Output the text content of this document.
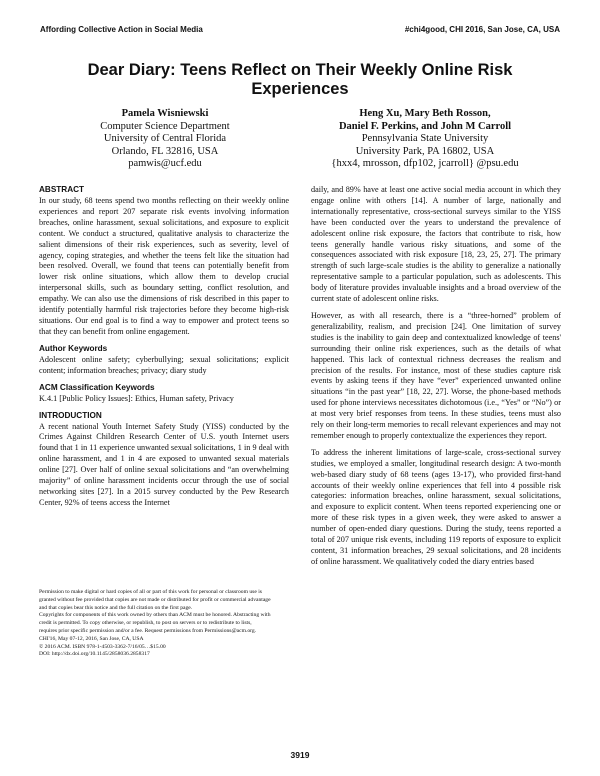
Affording Collective Action in Social Media	#chi4good, CHI 2016, San Jose, CA, USA
Dear Diary: Teens Reflect on Their Weekly Online Risk Experiences
Pamela Wisniewski
Computer Science Department
University of Central Florida
Orlando, FL 32816, USA
pamwis@ucf.edu
Heng Xu, Mary Beth Rosson,
Daniel F. Perkins, and John M Carroll
Pennsylvania State University
University Park, PA 16802, USA
{hxx4, mrosson, dfp102, jcarroll} @psu.edu
ABSTRACT

In our study, 68 teens spend two months reflecting on their weekly online experiences and report 207 separate risk events involving information breaches, online harassment, sexual solicitations, and exposure to explicit content. We conduct a structured, qualitative analysis to characterize the salient dimensions of their risk experiences, such as severity, level of agency, coping strategies, and whether the teens felt like the situation had been resolved. Overall, we found that teens can potentially benefit from lower risk online situations, which allow them to develop crucial interpersonal skills, such as boundary setting, conflict resolution, and empathy. We can also use the dimensions of risk described in this paper to identify potentially harmful risk trajectories before they become high-risk situations. Our end goal is to find a way to empower and protect teens so that they can benefit from online engagement.

Author Keywords

Adolescent online safety; cyberbullying; sexual solicitations; explicit content; information breaches; privacy; diary study

ACM Classification Keywords

K.4.1 [Public Policy Issues]: Ethics, Human safety, Privacy

INTRODUCTION

A recent national Youth Internet Safety Study (YISS) conducted by the Crimes Against Children Research Center of U.S. youth Internet users found that 1 in 11 experience unwanted sexual solicitations, 1 in 9 deal with online harassment, and 1 in 4 are exposed to unwanted sexual materials online [27]. Over half of online sexual solicitations and “an overwhelming majority” of online harassment incidents occur through the use of social networking sites [27]. In a 2015 survey conducted by the Pew Research Center, 92% of teens access the Internet

Permission to make digital or hard copies of all or part of this work for personal or classroom use is granted without fee provided that copies are not made or distributed for profit or commercial advantage and that copies bear this notice and the full citation on the first page.

Copyrights for components of this work owned by others than ACM must be honored. Abstracting with credit is permitted. To copy otherwise, or republish, to post on servers or to redistribute to lists, requires prior specific permission and/or a fee. Request permissions from Permissions@acm.org.

CHI'16, May 07-12, 2016, San Jose, CA, USA

© 2016 ACM. ISBN 978-1-4503-3362-7/16/05…$15.00

DOI: http://dx.doi.org/10.1145/2858036.2858317

daily, and 89% have at least one active social media account in which they engage online with others [14]. A number of large, nationally and internationally representative, cross-sectional surveys similar to the YISS have been conducted over the years to understand the prevalence of adolescent online risk exposure, the factors that contribute to risk, how teens generally handle various risky situations, and some of the consequences associated with risk exposure [18, 23, 25, 27]. The primary strength of such large-scale studies is the ability to generalize a nationally representative sample to a particular population, such as adolescents. This body of literature provides invaluable insights and a broad overview of the current state of adolescent online risks.

However, as with all research, there is a “three-horned” problem of generalizability, realism, and precision [24]. One limitation of survey studies is the inability to gain deep and contextualized knowledge of teens' surrounding their online risk experiences, such as the details of what happened. This lack of contextual richness decreases the realism and precision of the results. For instance, most of these studies capture risk events by asking teens if they have “ever” experienced unwanted online situations “in the past year” [18, 22, 27]. Worse, the phone-based methods used for phone interviews necessitates dichotomous (i.e., “Yes” or “No”) or at most very brief responses from teens. In these studies, teens must also rely on their long-term memories to recall relevant experiences and may not remember enough to properly contextualize the experiences they report.

To address the inherent limitations of large-scale, cross-sectional survey studies, we employed a smaller, longitudinal research design: A two-month web-based diary study of 68 teens (ages 13-17), who provided first-hand accounts of their weekly online experiences that fell into 4 possible risk categories: information breaches, online harassment, sexual solicitations, and exposure to explicit content. When teens reported experiencing one or more of these risk types in a given week, they were asked to answer a number of open-ended diary questions. During the study, teens reported a total of 207 unique risk events, including 119 reports of exposure to explicit content, 31 information breaches, 29 sexual solicitations, and 28 incidents of online harassment. We qualitatively coded the diary entries based

3919
